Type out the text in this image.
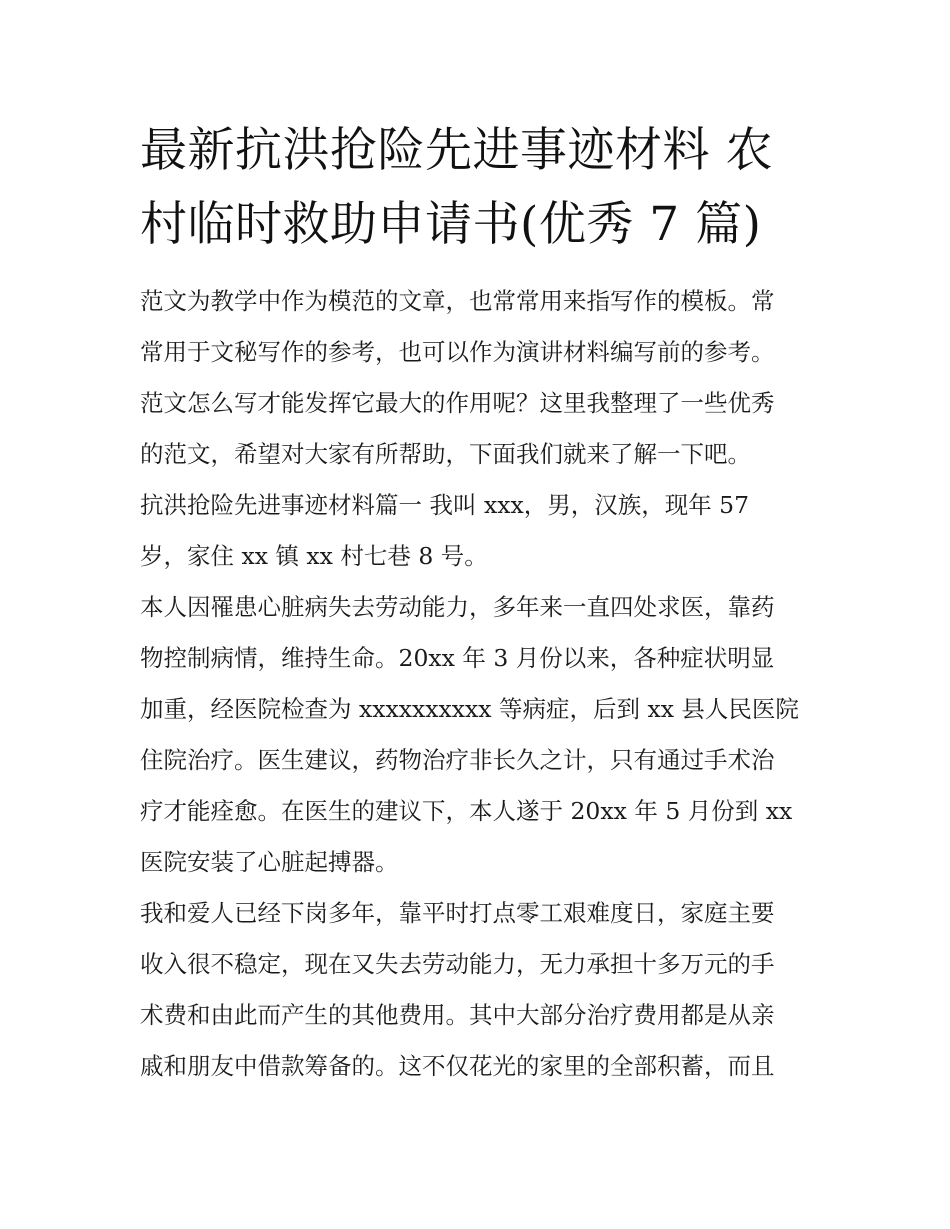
最新抗洪抢险先进事迹材料 农
村临时救助申请书(优秀 7 篇)
范文为教学中作为模范的文章，也常常用来指写作的模板。常
常用于文秘写作的参考，也可以作为演讲材料编写前的参考。
范文怎么写才能发挥它最大的作用呢？这里我整理了一些优秀
的范文，希望对大家有所帮助，下面我们就来了解一下吧。
抗洪抢险先进事迹材料篇一 我叫 xxx，男，汉族，现年 57
岁，家住 xx 镇 xx 村七巷 8 号。
本人因罹患心脏病失去劳动能力，多年来一直四处求医，靠药
物控制病情，维持生命。20xx 年 3 月份以来，各种症状明显
加重，经医院检查为 xxxxxxxxxx 等病症，后到 xx 县人民医院
住院治疗。医生建议，药物治疗非长久之计，只有通过手术治
疗才能痊愈。在医生的建议下，本人遂于 20xx 年 5 月份到 xx
医院安装了心脏起搏器。
我和爱人已经下岗多年，靠平时打点零工艰难度日，家庭主要
收入很不稳定，现在又失去劳动能力，无力承担十多万元的手
术费和由此而产生的其他费用。其中大部分治疗费用都是从亲
戚和朋友中借款筹备的。这不仅花光的家里的全部积蓄，而且
